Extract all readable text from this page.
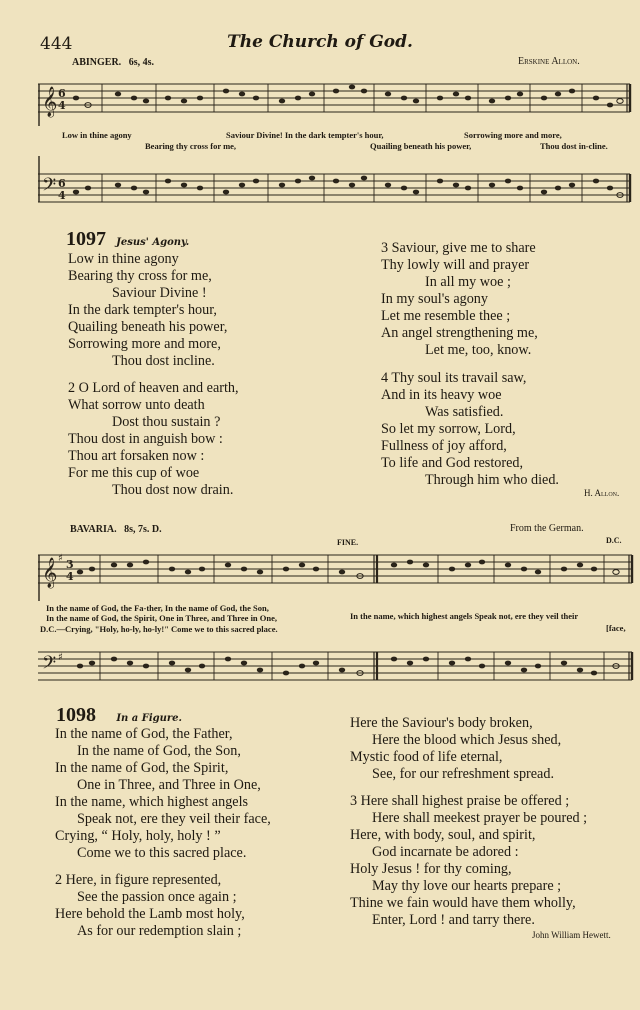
444	The Church of God.
ABINGER. 6s, 4s.	Erskine Allon.
𝄞 6
4
Low in thine agony	Saviour Divine! In the dark tempter's hour,	Sorrowing more and more,
Bearing thy cross for me,	Quailing beneath his power,	Thou dost in-cline.
𝄢 6
4
1097 Jesus' Agony.
Low in thine agony
Bearing thy cross for me,
Saviour Divine !
In the dark tempter's hour,
Quailing beneath his power,
Sorrowing more and more,
Thou dost incline.
2 O Lord of heaven and earth,
What sorrow unto death
Dost thou sustain ?
Thou dost in anguish bow :
Thou art forsaken now :
For me this cup of woe
Thou dost now drain.
3 Saviour, give me to share
Thy lowly will and prayer
In all my woe ;
In my soul's agony
Let me resemble thee ;
An angel strengthening me,
Let me, too, know.
4 Thy soul its travail saw,
And in its heavy woe
Was satisfied.
So let my sorrow, Lord,
Fullness of joy afford,
To life and God restored,
Through him who died.
H. Allon.
BAVARIA. 8s, 7s. D.	From the German.
FINE.	D.C.
𝄞 ♯ 3
4
In the name of God, the Fa-ther, In the name of God, the Son,
In the name of God, the Spirit, One in Three, and Three in One,
D.C.—Crying, "Holy, ho-ly, ho-ly!" Come we to this sacred place.
In the name, which highest angels Speak not, ere they veil their
[face,
𝄢 ♯
1098 In a Figure.
In the name of God, the Father,
In the name of God, the Son,
In the name of God, the Spirit,
One in Three, and Three in One,
In the name, which highest angels
Speak not, ere they veil their face,
Crying, “ Holy, holy, holy ! ”
Come we to this sacred place.
2 Here, in figure represented,
See the passion once again ;
Here behold the Lamb most holy,
As for our redemption slain ;
Here the Saviour's body broken,
Here the blood which Jesus shed,
Mystic food of life eternal,
See, for our refreshment spread.
3 Here shall highest praise be offered ;
Here shall meekest prayer be poured ;
Here, with body, soul, and spirit,
God incarnate be adored :
Holy Jesus ! for thy coming,
May thy love our hearts prepare ;
Thine we fain would have them wholly,
Enter, Lord ! and tarry there.
John William Hewett.
